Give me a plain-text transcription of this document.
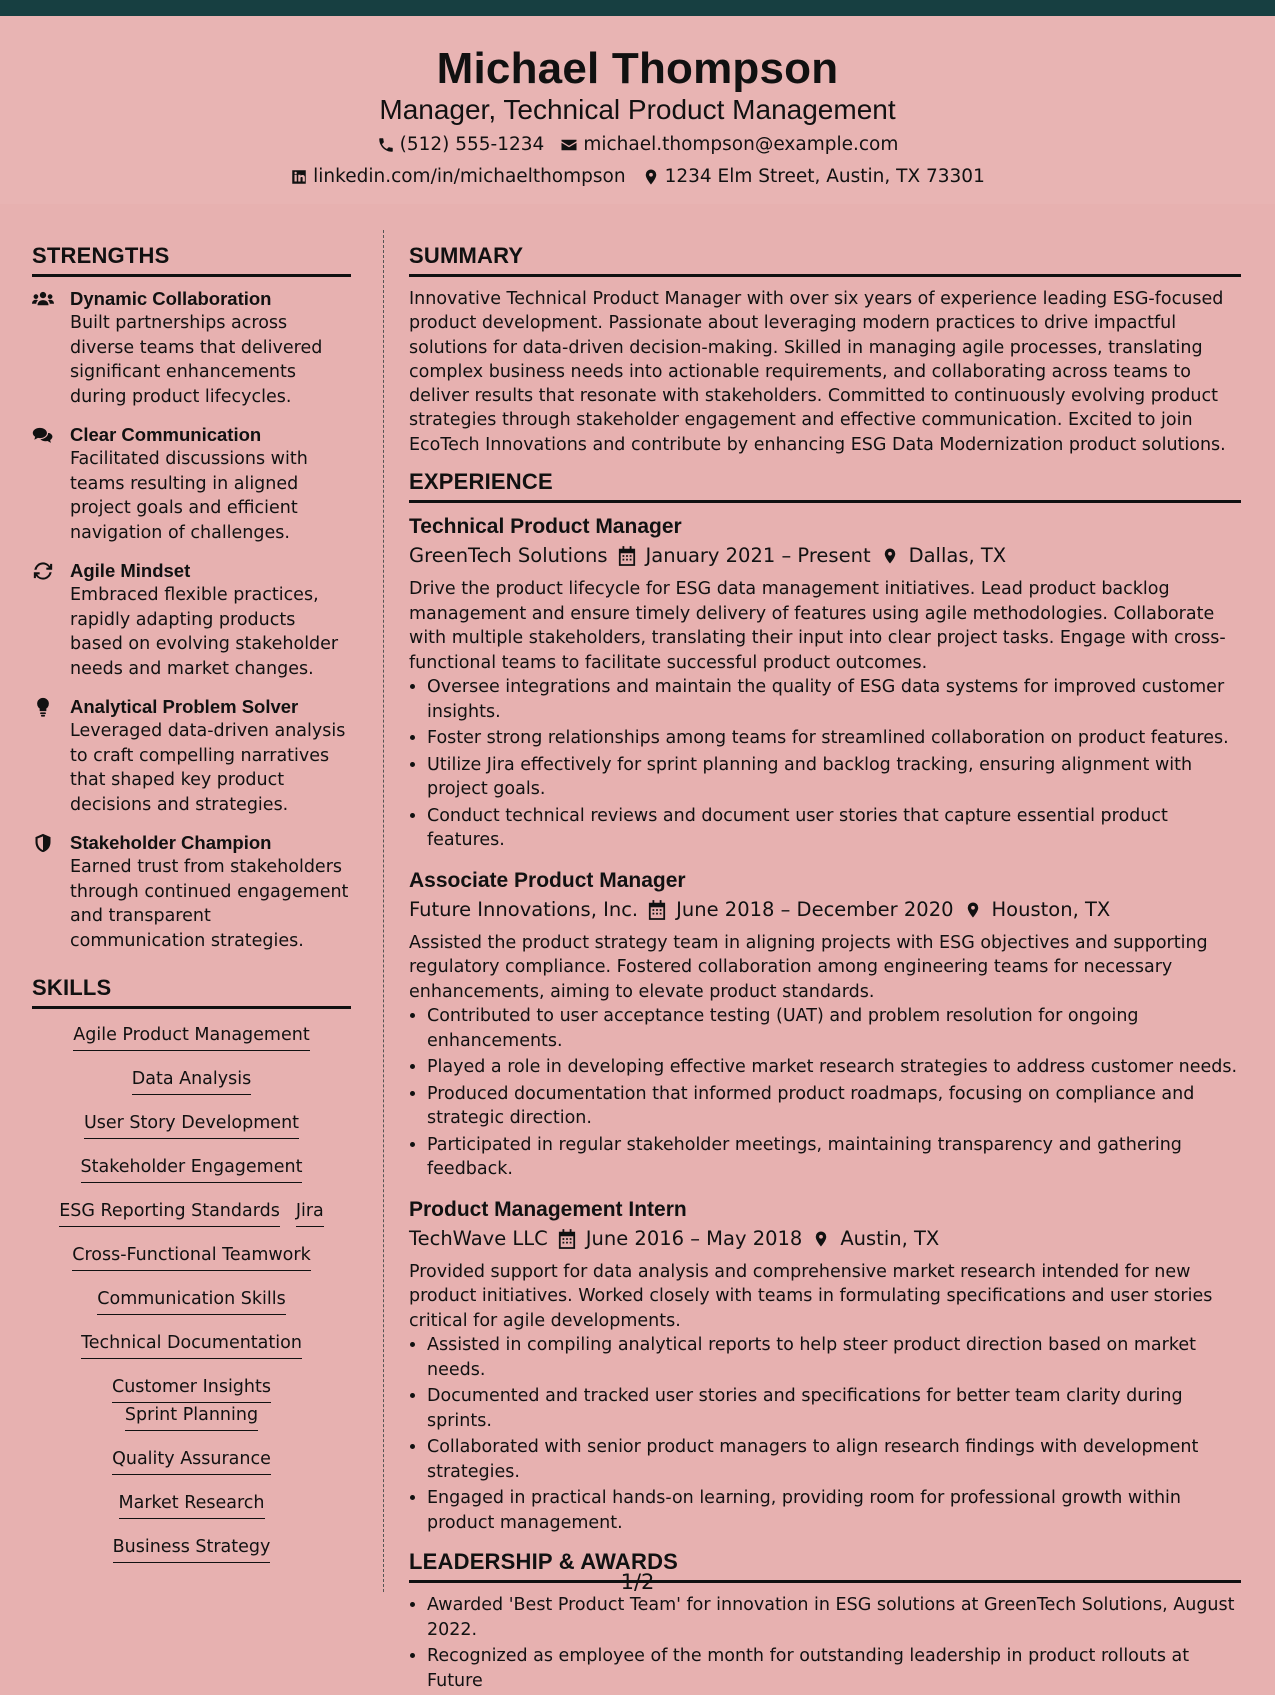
Michael Thompson
Manager, Technical Product Management
(512) 555-1234 michael.thompson@example.com
linkedin.com/in/michaelthompson 1234 Elm Street, Austin, TX 73301
STRENGTHS
Dynamic Collaboration
Built partnerships across diverse teams that delivered significant enhancements during product lifecycles.
Clear Communication
Facilitated discussions with teams resulting in aligned project goals and efficient navigation of challenges.
Agile Mindset
Embraced flexible practices, rapidly adapting products based on evolving stakeholder needs and market changes.
Analytical Problem Solver
Leveraged data-driven analysis to craft compelling narratives that shaped key product decisions and strategies.
Stakeholder Champion
Earned trust from stakeholders through continued engagement and transparent communication strategies.
SKILLS
Agile Product Management
Data Analysis
User Story Development
Stakeholder Engagement
ESG Reporting Standards Jira
Cross-Functional Teamwork
Communication Skills
Technical Documentation
Customer InsightsSprint Planning
Quality Assurance
Market Research
Business Strategy
SUMMARY
Innovative Technical Product Manager with over six years of experience leading ESG-focused product development. Passionate about leveraging modern practices to drive impactful solutions for data-driven decision-making. Skilled in managing agile processes, translating complex business needs into actionable requirements, and collaborating across teams to deliver results that resonate with stakeholders. Committed to continuously evolving product strategies through stakeholder engagement and effective communication. Excited to join EcoTech Innovations and contribute by enhancing ESG Data Modernization product solutions.
EXPERIENCE
Technical Product Manager
GreenTech Solutions January 2021 – Present Dallas, TX
Drive the product lifecycle for ESG data management initiatives. Lead product backlog management and ensure timely delivery of features using agile methodologies. Collaborate with multiple stakeholders, translating their input into clear project tasks. Engage with cross-functional teams to facilitate successful product outcomes.
• Oversee integrations and maintain the quality of ESG data systems for improved customer insights.
• Foster strong relationships among teams for streamlined collaboration on product features.
• Utilize Jira effectively for sprint planning and backlog tracking, ensuring alignment with project goals.
• Conduct technical reviews and document user stories that capture essential product features.
Associate Product Manager
Future Innovations, Inc. June 2018 – December 2020 Houston, TX
Assisted the product strategy team in aligning projects with ESG objectives and supporting regulatory compliance. Fostered collaboration among engineering teams for necessary enhancements, aiming to elevate product standards.
• Contributed to user acceptance testing (UAT) and problem resolution for ongoing enhancements.
• Played a role in developing effective market research strategies to address customer needs.
• Produced documentation that informed product roadmaps, focusing on compliance and strategic direction.
• Participated in regular stakeholder meetings, maintaining transparency and gathering feedback.
Product Management Intern
TechWave LLC June 2016 – May 2018 Austin, TX
Provided support for data analysis and comprehensive market research intended for new product initiatives. Worked closely with teams in formulating specifications and user stories critical for agile developments.
• Assisted in compiling analytical reports to help steer product direction based on market needs.
• Documented and tracked user stories and specifications for better team clarity during sprints.
• Collaborated with senior product managers to align research findings with development strategies.
• Engaged in practical hands-on learning, providing room for professional growth within product management.
LEADERSHIP & AWARDS
• Awarded 'Best Product Team' for innovation in ESG solutions at GreenTech Solutions, August 2022.
• Recognized as employee of the month for outstanding leadership in product rollouts at Future
1/2
